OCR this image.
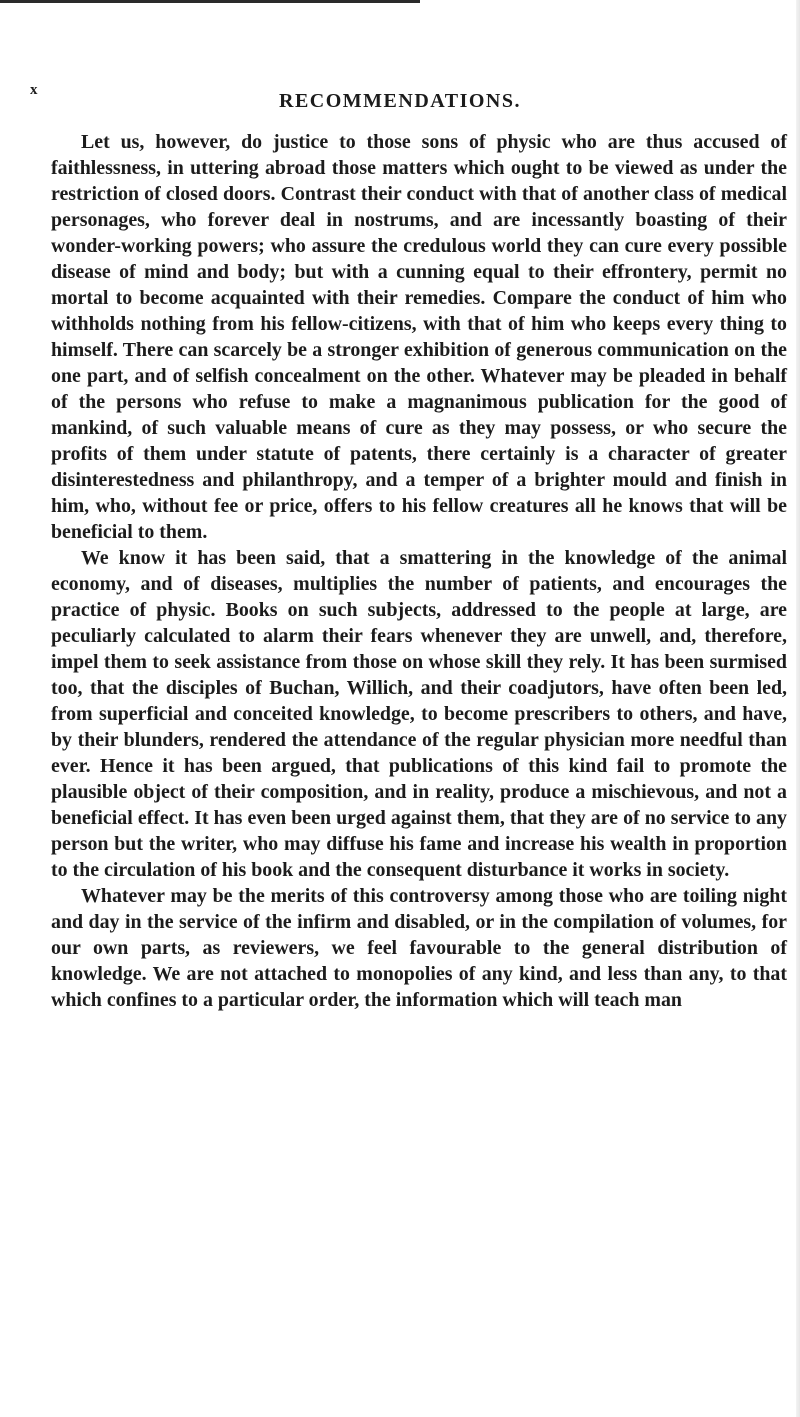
x	RECOMMENDATIONS.

Let us, however, do justice to those sons of physic who are thus accused of faithlessness, in uttering abroad those matters which ought to be viewed as under the restriction of closed doors. Contrast their conduct with that of another class of medical personages, who forever deal in nostrums, and are incessantly boasting of their wonder-working powers; who assure the credulous world they can cure every possible disease of mind and body; but with a cunning equal to their effrontery, permit no mortal to become acquainted with their remedies. Compare the conduct of him who withholds nothing from his fellow-citizens, with that of him who keeps every thing to himself. There can scarcely be a stronger exhibition of generous communication on the one part, and of selfish concealment on the other. Whatever may be pleaded in behalf of the persons who refuse to make a magnanimous publication for the good of mankind, of such valuable means of cure as they may possess, or who secure the profits of them under statute of patents, there certainly is a character of greater disinterestedness and philanthropy, and a temper of a brighter mould and finish in him, who, without fee or price, offers to his fellow creatures all he knows that will be beneficial to them.

We know it has been said, that a smattering in the knowledge of the animal economy, and of diseases, multiplies the number of patients, and encourages the practice of physic. Books on such subjects, addressed to the people at large, are peculiarly calculated to alarm their fears whenever they are unwell, and, therefore, impel them to seek assistance from those on whose skill they rely. It has been surmised too, that the disciples of Buchan, Willich, and their coadjutors, have often been led, from superficial and conceited knowledge, to become prescribers to others, and have, by their blunders, rendered the attendance of the regular physician more needful than ever. Hence it has been argued, that publications of this kind fail to promote the plausible object of their composition, and in reality, produce a mischievous, and not a beneficial effect. It has even been urged against them, that they are of no service to any person but the writer, who may diffuse his fame and increase his wealth in proportion to the circulation of his book and the consequent disturbance it works in society.

Whatever may be the merits of this controversy among those who are toiling night and day in the service of the infirm and disabled, or in the compilation of volumes, for our own parts, as reviewers, we feel favourable to the general distribution of knowledge. We are not attached to monopolies of any kind, and less than any, to that which confines to a particular order, the information which will teach man
